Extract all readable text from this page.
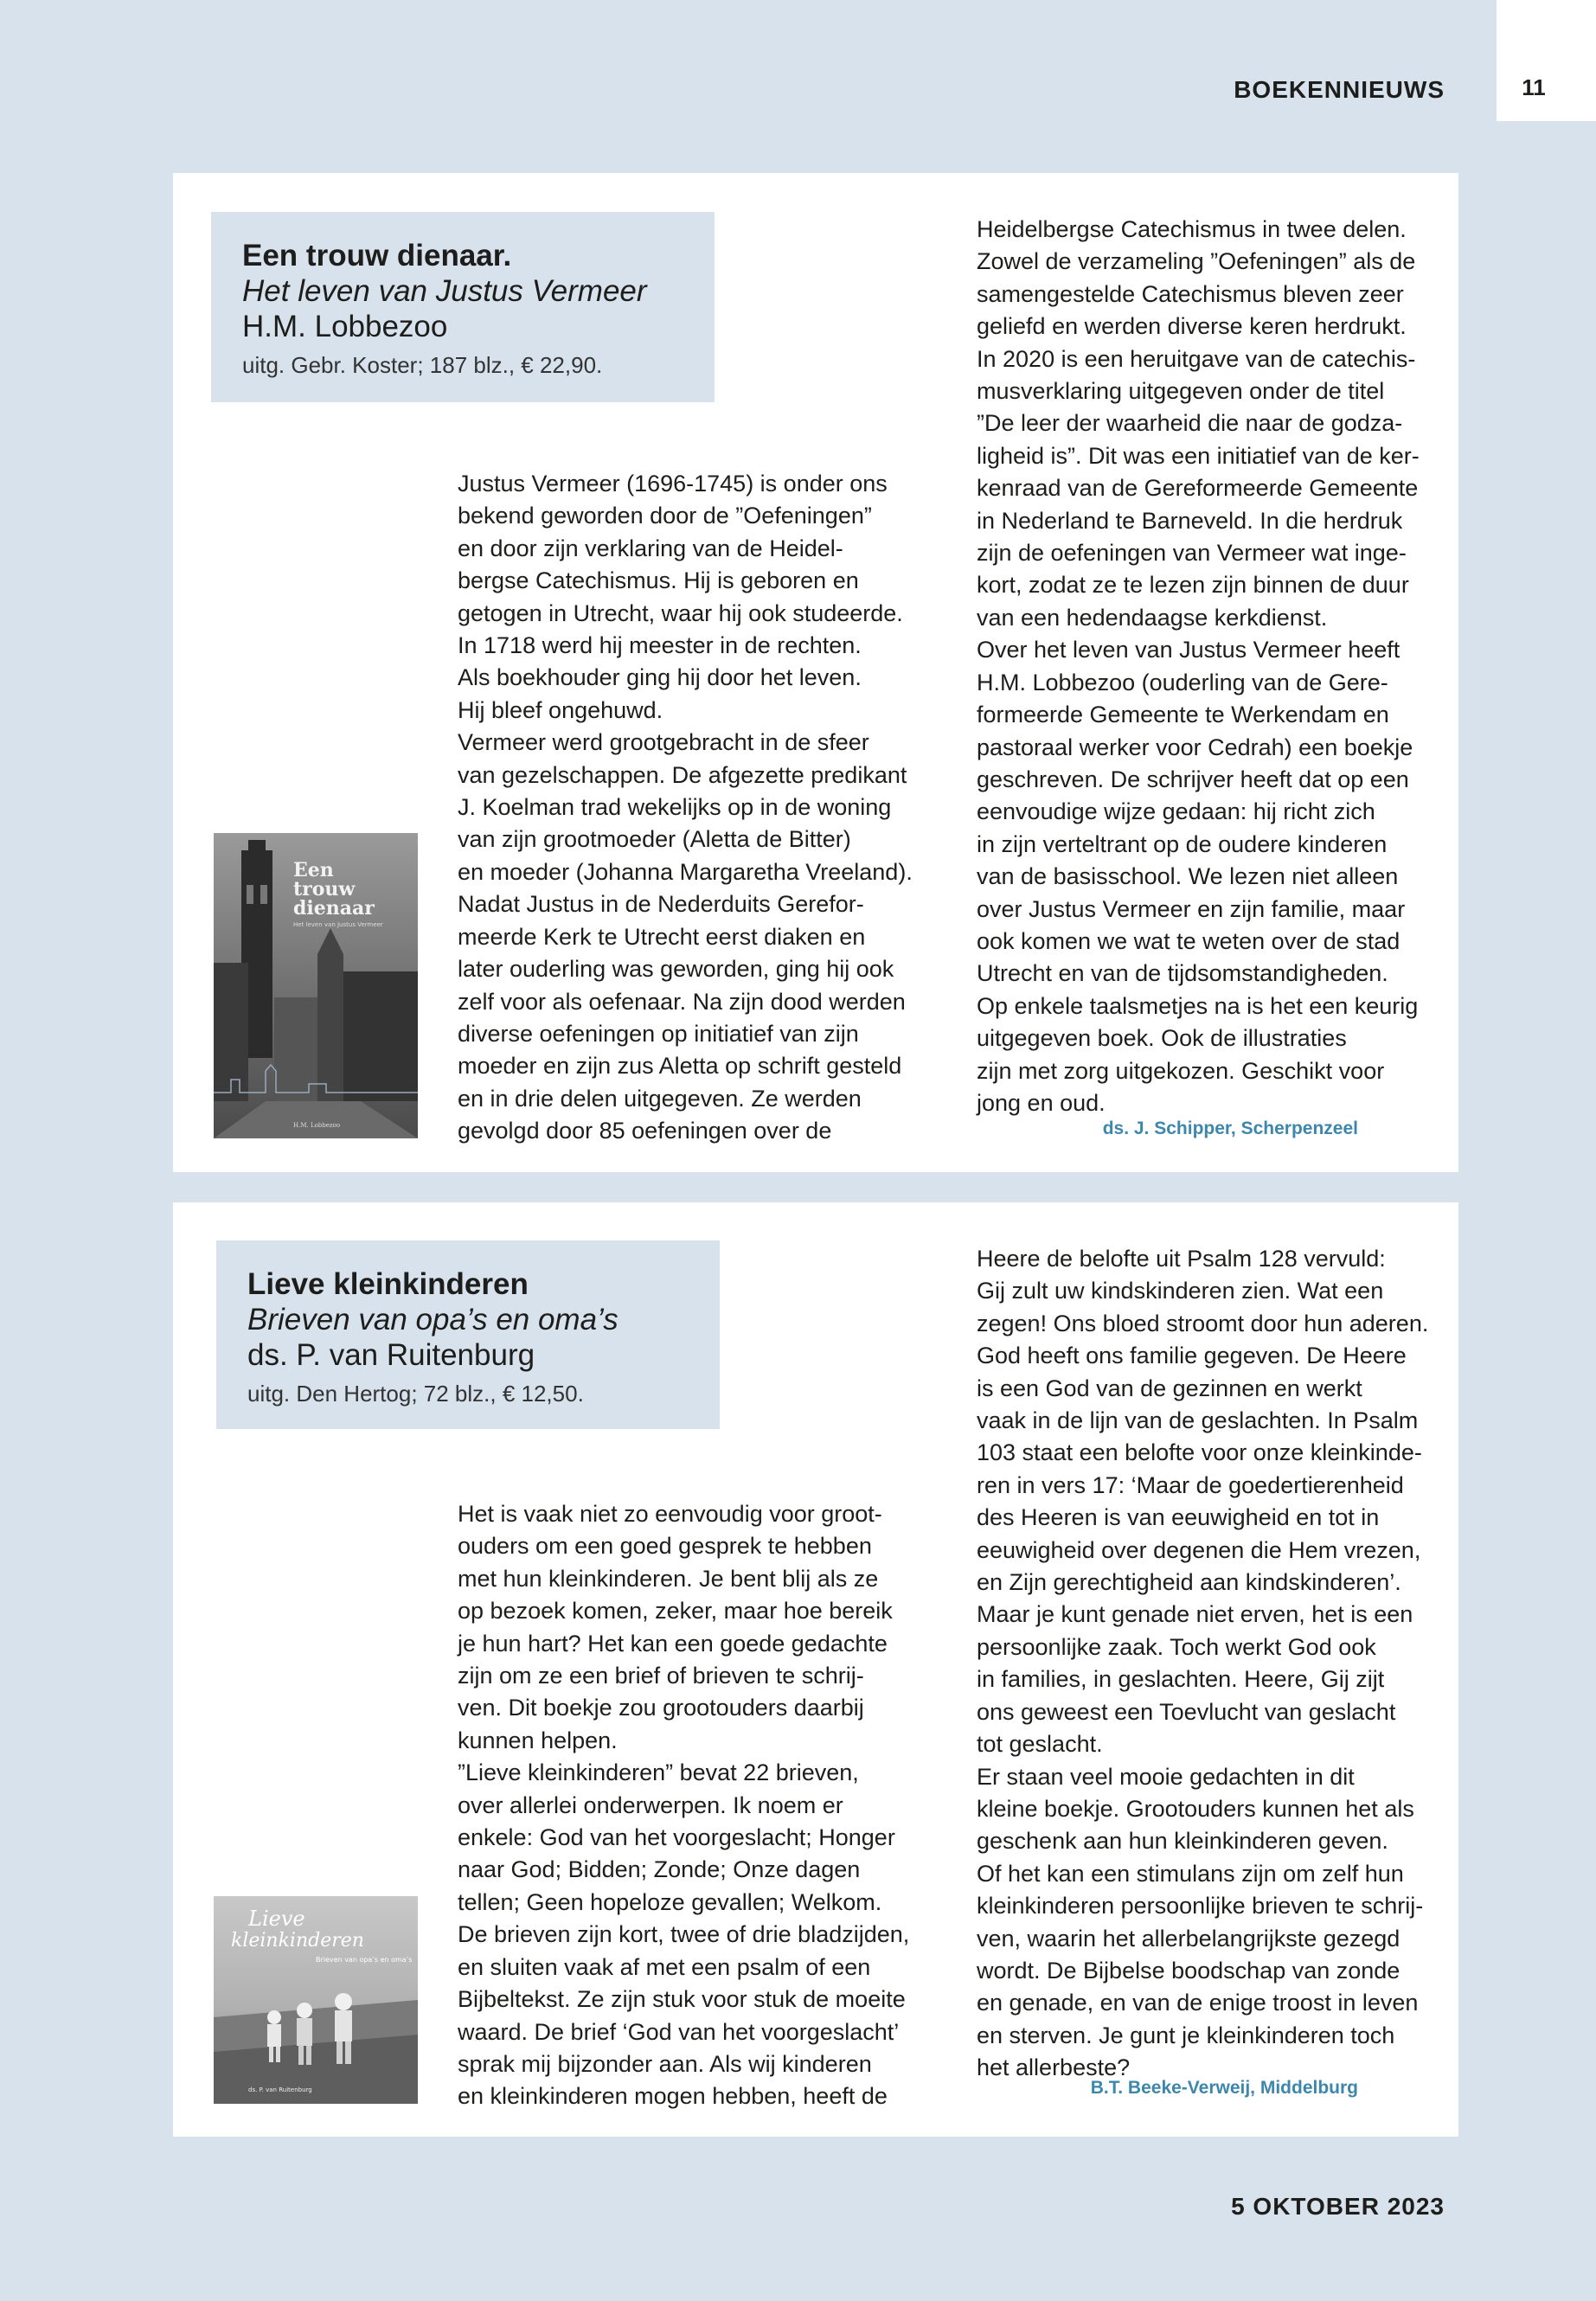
BOEKENNIEUWS	11
Een trouw dienaar.
Het leven van Justus Vermeer
H.M. Lobbezoo
uitg. Gebr. Koster; 187 blz., € 22,90.
Een
trouw
dienaar
Het leven van Justus Vermeer
H.M. Lobbezoo

Justus Vermeer (1696-1745) is onder ons

bekend geworden door de ”Oefeningen”

en door zijn verklaring van de Heidel-

bergse Catechismus. Hij is geboren en

getogen in Utrecht, waar hij ook studeerde.

In 1718 werd hij meester in de rechten.

Als boekhouder ging hij door het leven.

Hij bleef ongehuwd.

Vermeer werd grootgebracht in de sfeer

van gezelschappen. De afgezette predikant

J. Koelman trad wekelijks op in de woning

van zijn grootmoeder (Aletta de Bitter)

en moeder (Johanna Margaretha Vreeland).

Nadat Justus in de Nederduits Gerefor-

meerde Kerk te Utrecht eerst diaken en

later ouderling was geworden, ging hij ook

zelf voor als oefenaar. Na zijn dood werden

diverse oefeningen op initiatief van zijn

moeder en zijn zus Aletta op schrift gesteld

en in drie delen uitgegeven. Ze werden

gevolgd door 85 oefeningen over de

Heidelbergse Catechismus in twee delen.

Zowel de verzameling ”Oefeningen” als de

samengestelde Catechismus bleven zeer

geliefd en werden diverse keren herdrukt.

In 2020 is een heruitgave van de catechis-

musverklaring uitgegeven onder de titel

”De leer der waarheid die naar de godza-

ligheid is”. Dit was een initiatief van de ker-

kenraad van de Gereformeerde Gemeente

in Nederland te Barneveld. In die herdruk

zijn de oefeningen van Vermeer wat inge-

kort, zodat ze te lezen zijn binnen de duur

van een hedendaagse kerkdienst.

Over het leven van Justus Vermeer heeft

H.M. Lobbezoo (ouderling van de Gere-

formeerde Gemeente te Werkendam en

pastoraal werker voor Cedrah) een boekje

geschreven. De schrijver heeft dat op een

eenvoudige wijze gedaan: hij richt zich

in zijn verteltrant op de oudere kinderen

van de basisschool. We lezen niet alleen

over Justus Vermeer en zijn familie, maar

ook komen we wat te weten over de stad

Utrecht en van de tijdsomstandigheden.

Op enkele taalsmetjes na is het een keurig

uitgegeven boek. Ook de illustraties

zijn met zorg uitgekozen. Geschikt voor

jong en oud.

ds. J. Schipper, Scherpenzeel
Lieve kleinkinderen
Brieven van opa’s en oma’s
ds. P. van Ruitenburg
uitg. Den Hertog; 72 blz., € 12,50.
Lieve
kleinkinderen
Brieven van opa’s en oma’s
ds. P. van Ruitenburg

Het is vaak niet zo eenvoudig voor groot-

ouders om een goed gesprek te hebben

met hun kleinkinderen. Je bent blij als ze

op bezoek komen, zeker, maar hoe bereik

je hun hart? Het kan een goede gedachte

zijn om ze een brief of brieven te schrij-

ven. Dit boekje zou grootouders daarbij

kunnen helpen.

”Lieve kleinkinderen” bevat 22 brieven,

over allerlei onderwerpen. Ik noem er

enkele: God van het voorgeslacht; Honger

naar God; Bidden; Zonde; Onze dagen

tellen; Geen hopeloze gevallen; Welkom.

De brieven zijn kort, twee of drie bladzijden,

en sluiten vaak af met een psalm of een

Bijbeltekst. Ze zijn stuk voor stuk de moeite

waard. De brief ‘God van het voorgeslacht’

sprak mij bijzonder aan. Als wij kinderen

en kleinkinderen mogen hebben, heeft de

Heere de belofte uit Psalm 128 vervuld:

Gij zult uw kindskinderen zien. Wat een

zegen! Ons bloed stroomt door hun aderen.

God heeft ons familie gegeven. De Heere

is een God van de gezinnen en werkt

vaak in de lijn van de geslachten. In Psalm

103 staat een belofte voor onze kleinkinde-

ren in vers 17: ‘Maar de goedertierenheid

des Heeren is van eeuwigheid en tot in

eeuwigheid over degenen die Hem vrezen,

en Zijn gerechtigheid aan kindskinderen’.

Maar je kunt genade niet erven, het is een

persoonlijke zaak. Toch werkt God ook

in families, in geslachten. Heere, Gij zijt

ons geweest een Toevlucht van geslacht

tot geslacht.

Er staan veel mooie gedachten in dit

kleine boekje. Grootouders kunnen het als

geschenk aan hun kleinkinderen geven.

Of het kan een stimulans zijn om zelf hun

kleinkinderen persoonlijke brieven te schrij-

ven, waarin het allerbelangrijkste gezegd

wordt. De Bijbelse boodschap van zonde

en genade, en van de enige troost in leven

en sterven. Je gunt je kleinkinderen toch

het allerbeste?

B.T. Beeke-Verweij, Middelburg
5 OKTOBER 2023
